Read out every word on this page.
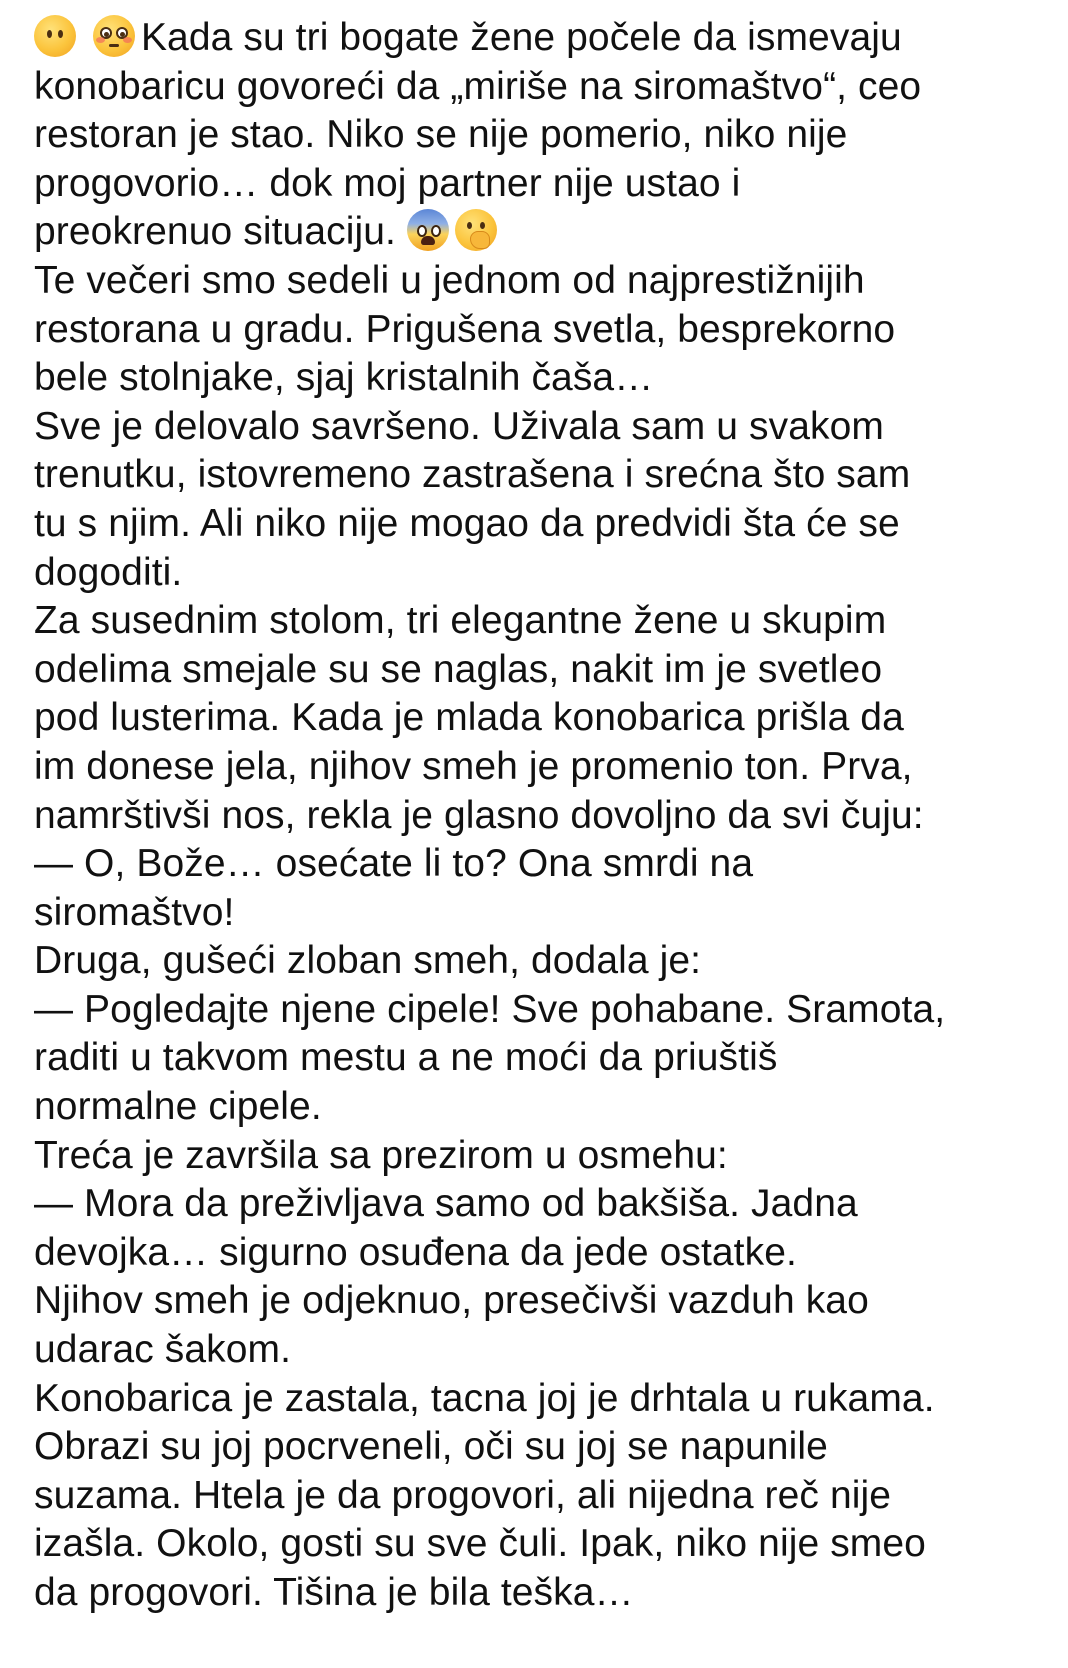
Kada su tri bogate žene počele da ismevaju
konobaricu govoreći da „miriše na siromaštvo“, ceo
restoran je stao. Niko se nije pomerio, niko nije
progovorio… dok moj partner nije ustao i
preokrenuo situaciju.
Te večeri smo sedeli u jednom od najprestižnijih
restorana u gradu. Prigušena svetla, besprekorno
bele stolnjake, sjaj kristalnih čaša…
Sve je delovalo savršeno. Uživala sam u svakom
trenutku, istovremeno zastrašena i srećna što sam
tu s njim. Ali niko nije mogao da predvidi šta će se
dogoditi.
Za susednim stolom, tri elegantne žene u skupim
odelima smejale su se naglas, nakit im je svetleo
pod lusterima. Kada je mlada konobarica prišla da
im donese jela, njihov smeh je promenio ton. Prva,
namrštivši nos, rekla je glasno dovoljno da svi čuju:
— O, Bože… osećate li to? Ona smrdi na
siromaštvo!
Druga, gušeći zloban smeh, dodala je:
— Pogledajte njene cipele! Sve pohabane. Sramota,
raditi u takvom mestu a ne moći da priuštiš
normalne cipele.
Treća je završila sa prezirom u osmehu:
— Mora da preživljava samo od bakšiša. Jadna
devojka… sigurno osuđena da jede ostatke.
Njihov smeh je odjeknuo, presečivši vazduh kao
udarac šakom.
Konobarica je zastala, tacna joj je drhtala u rukama.
Obrazi su joj pocrveneli, oči su joj se napunile
suzama. Htela je da progovori, ali nijedna reč nije
izašla. Okolo, gosti su sve čuli. Ipak, niko nije smeo
da progovori. Tišina je bila teška…
